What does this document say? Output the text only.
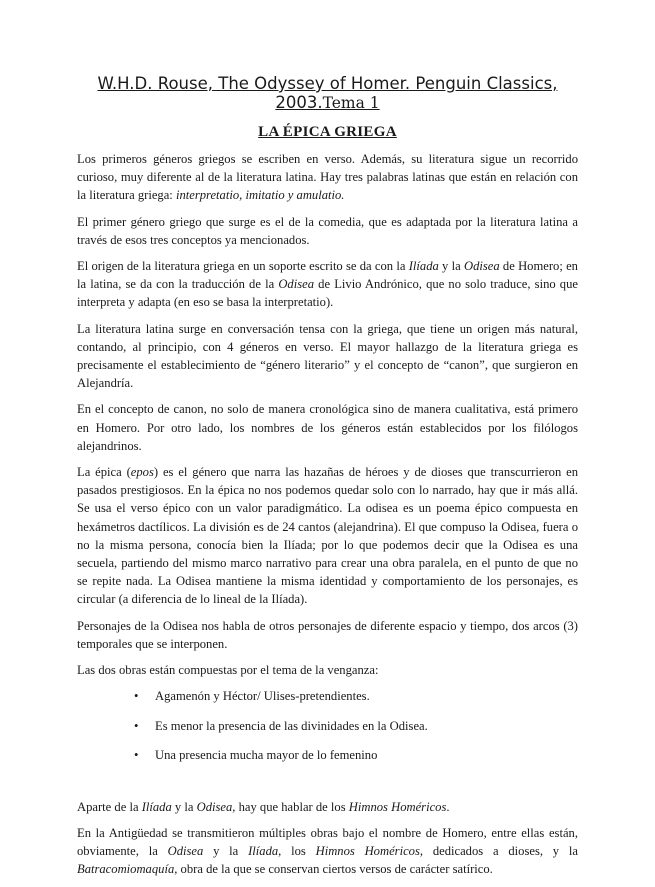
W.H.D. Rouse, The Odyssey of Homer. Penguin Classics,
2003.Tema 1
LA ÉPICA GRIEGA

Los primeros géneros griegos se escriben en verso. Además, su literatura sigue un recorrido curioso, muy diferente al de la literatura latina. Hay tres palabras latinas que están en relación con la literatura griega: interpretatio, imitatio y amulatio.

El primer género griego que surge es el de la comedia, que es adaptada por la literatura latina a través de esos tres conceptos ya mencionados.

El origen de la literatura griega en un soporte escrito se da con la Ilíada y la Odisea de Homero; en la latina, se da con la traducción de la Odisea de Livio Andrónico, que no solo traduce, sino que interpreta y adapta (en eso se basa la interpretatio).

La literatura latina surge en conversación tensa con la griega, que tiene un origen más natural, contando, al principio, con 4 géneros en verso. El mayor hallazgo de la literatura griega es precisamente el establecimiento de “género literario” y el concepto de “canon”, que surgieron en Alejandría.

En el concepto de canon, no solo de manera cronológica sino de manera cualitativa, está primero en Homero. Por otro lado, los nombres de los géneros están establecidos por los filólogos alejandrinos.

La épica (epos) es el género que narra las hazañas de héroes y de dioses que transcurrieron en pasados prestigiosos. En la épica no nos podemos quedar solo con lo narrado, hay que ir más allá. Se usa el verso épico con un valor paradigmático. La odisea es un poema épico compuesta en hexámetros dactílicos. La división es de 24 cantos (alejandrina). El que compuso la Odisea, fuera o no la misma persona, conocía bien la Ilíada; por lo que podemos decir que la Odisea es una secuela, partiendo del mismo marco narrativo para crear una obra paralela, en el punto de que no se repite nada. La Odisea mantiene la misma identidad y comportamiento de los personajes, es circular (a diferencia de lo lineal de la Ilíada).

Personajes de la Odisea nos habla de otros personajes de diferente espacio y tiempo, dos arcos (3) temporales que se interponen.

Las dos obras están compuestas por el tema de la venganza:

• Agamenón y Héctor/ Ulises-pretendientes.
• Es menor la presencia de las divinidades en la Odisea.
• Una presencia mucha mayor de lo femenino

Aparte de la Ilíada y la Odisea, hay que hablar de los Himnos Homéricos.

En la Antigüedad se transmitieron múltiples obras bajo el nombre de Homero, entre ellas están, obviamente, la Odisea y la Ilíada, los Himnos Homéricos, dedicados a dioses, y la Batracomiomaquía, obra de la que se conservan ciertos versos de carácter satírico.
